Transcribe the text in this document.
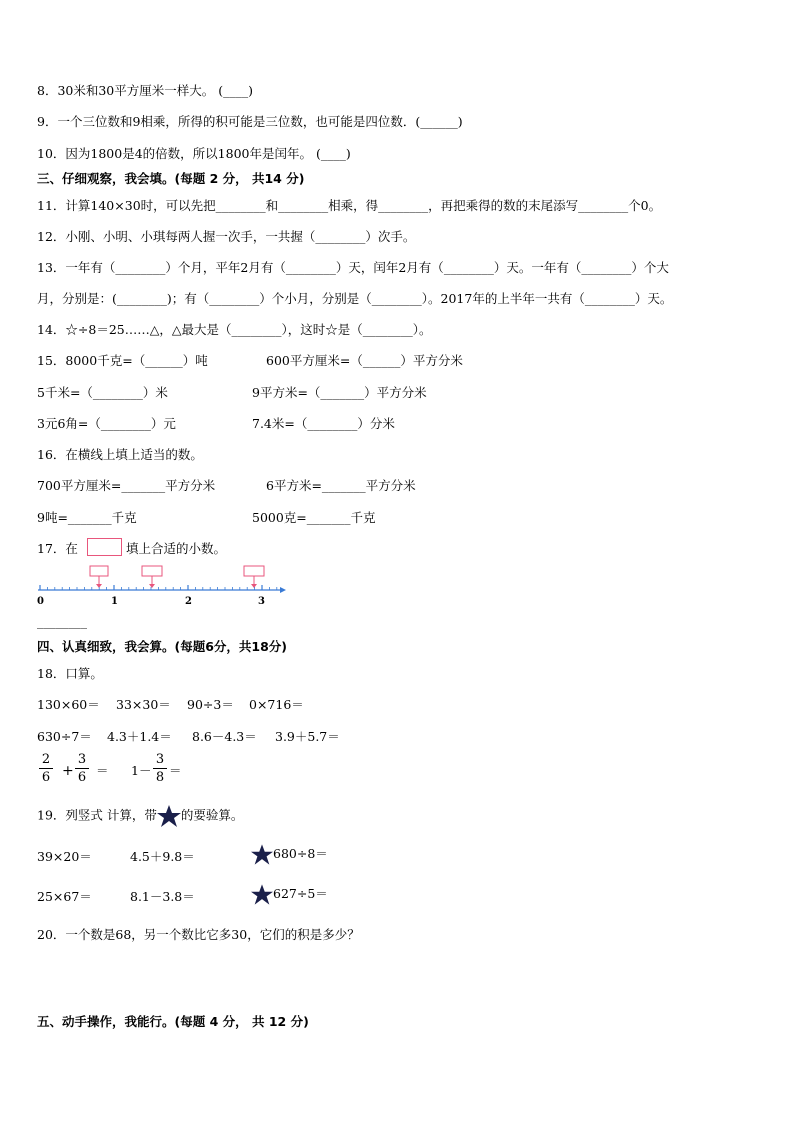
8．30米和30平方厘米一样大。 (____)
9．一个三位数和9相乘，所得的积可能是三位数，也可能是四位数．(______)
10．因为1800是4的倍数，所以1800年是闰年。 (____)
三、仔细观察，我会填。(每题 2 分， 共14 分)
11．计算140×30时，可以先把________和________相乘，得________，再把乘得的数的末尾添写________个0。
12．小刚、小明、小琪每两人握一次手，一共握（________）次手。
13．一年有（________）个月，平年2月有（________）天，闰年2月有（________）天。一年有（________）个大
月，分别是：(________)；有（________）个小月，分别是（________）。2017年的上半年一共有（________）天。
14．☆÷8＝25……△，△最大是（________），这时☆是（________）。
15．8000千克=（______）吨	600平方厘米=（______）平方分米
5千米=（________）米	9平方米=（_______）平方分米
3元6角=（________）元	7.4米=（________）分米
16．在横线上填上适当的数。
700平方厘米=_______平方分米	6平方米=_______平方分米
9吨=_______千克	5000克=_______千克
17．在	填上合适的小数。
0	1	2	3
________
四、认真细致，我会算。(每题6分，共18分)
18．口算。
130×60＝ 33×30＝ 90÷3＝ 0×716＝
630÷7＝ 4.3＋1.4＝ 8.6－4.3＝ 3.9＋5.7＝
2
6 +
3
6 ＝ 1－
3
8 ＝
19．列竖式 计算，带 的要验算。
39×20＝	4.5＋9.8＝	680÷8＝
25×67＝	8.1－3.8＝	627÷5＝
20．一个数是68，另一个数比它多30，它们的积是多少？
五、动手操作，我能行。(每题 4 分， 共 12 分)
